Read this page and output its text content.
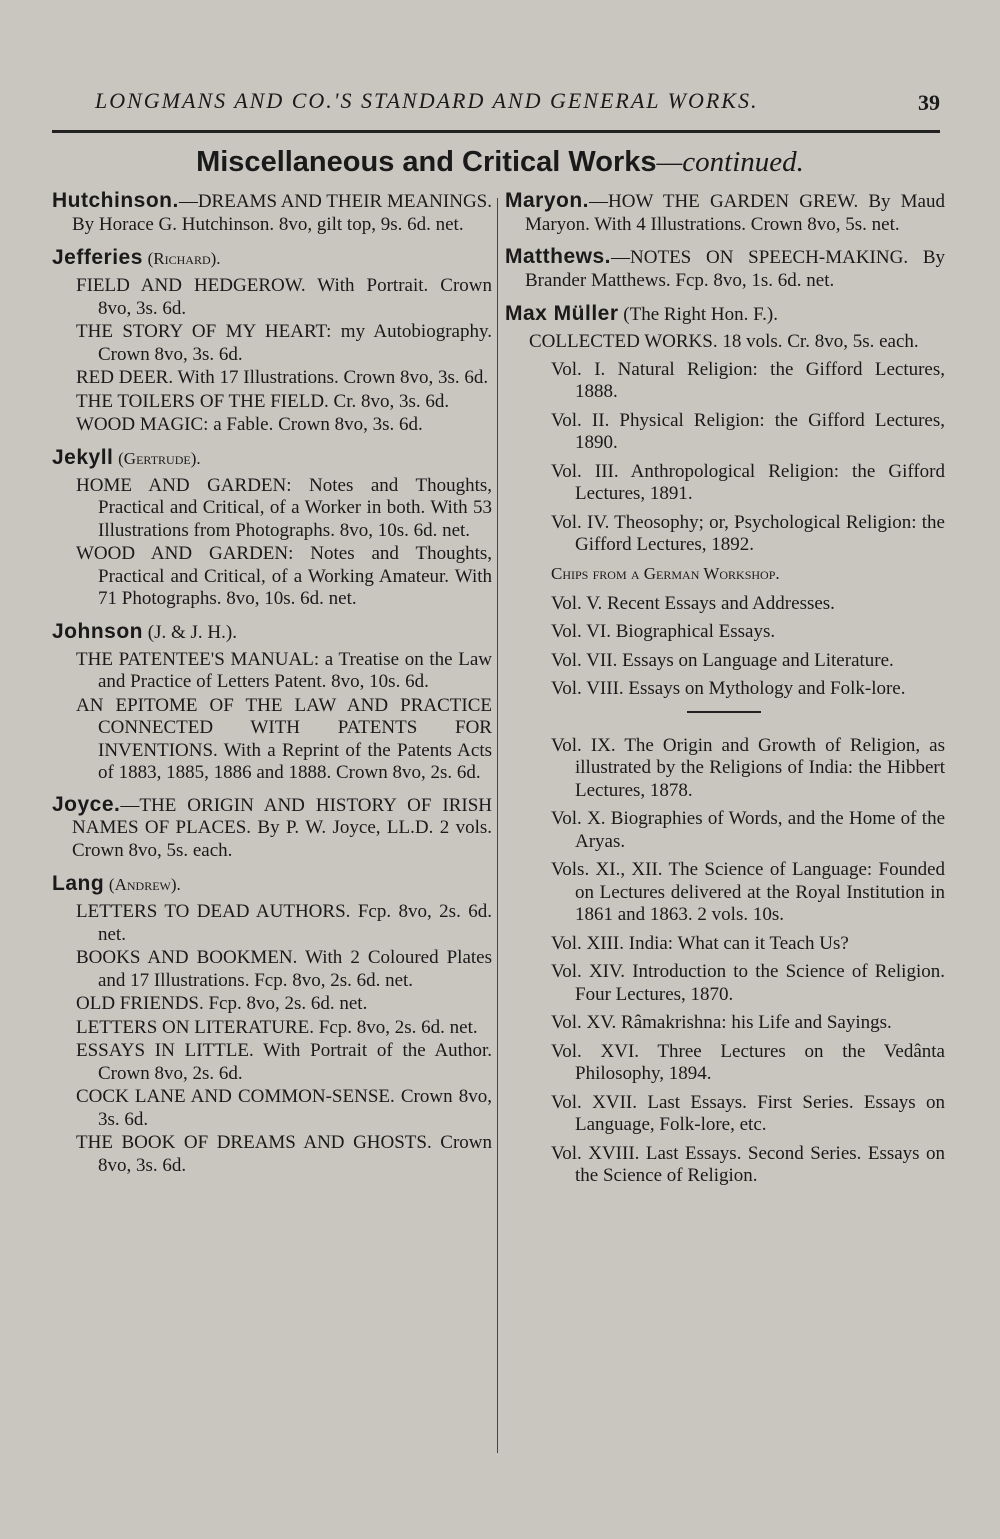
LONGMANS AND CO.'S STANDARD AND GENERAL WORKS.	39
Miscellaneous and Critical Works—continued.
Hutchinson.—DREAMS AND THEIR MEANINGS. By Horace G. Hutchinson. 8vo, gilt top, 9s. 6d. net.
Jefferies (Richard).
FIELD AND HEDGEROW. With Portrait. Crown 8vo, 3s. 6d.
THE STORY OF MY HEART: my Autobiography. Crown 8vo, 3s. 6d.
RED DEER. With 17 Illustrations. Crown 8vo, 3s. 6d.
THE TOILERS OF THE FIELD. Cr. 8vo, 3s. 6d.
WOOD MAGIC: a Fable. Crown 8vo, 3s. 6d.
Jekyll (Gertrude).
HOME AND GARDEN: Notes and Thoughts, Practical and Critical, of a Worker in both. With 53 Illustrations from Photographs. 8vo, 10s. 6d. net.
WOOD AND GARDEN: Notes and Thoughts, Practical and Critical, of a Working Amateur. With 71 Photographs. 8vo, 10s. 6d. net.
Johnson (J. & J. H.).
THE PATENTEE'S MANUAL: a Treatise on the Law and Practice of Letters Patent. 8vo, 10s. 6d.
AN EPITOME OF THE LAW AND PRACTICE CONNECTED WITH PATENTS FOR INVENTIONS. With a Reprint of the Patents Acts of 1883, 1885, 1886 and 1888. Crown 8vo, 2s. 6d.
Joyce.—THE ORIGIN AND HISTORY OF IRISH NAMES OF PLACES. By P. W. Joyce, LL.D. 2 vols. Crown 8vo, 5s. each.
Lang (Andrew).
LETTERS TO DEAD AUTHORS. Fcp. 8vo, 2s. 6d. net.
BOOKS AND BOOKMEN. With 2 Coloured Plates and 17 Illustrations. Fcp. 8vo, 2s. 6d. net.
OLD FRIENDS. Fcp. 8vo, 2s. 6d. net.
LETTERS ON LITERATURE. Fcp. 8vo, 2s. 6d. net.
ESSAYS IN LITTLE. With Portrait of the Author. Crown 8vo, 2s. 6d.
COCK LANE AND COMMON-SENSE. Crown 8vo, 3s. 6d.
THE BOOK OF DREAMS AND GHOSTS. Crown 8vo, 3s. 6d.
Maryon.—HOW THE GARDEN GREW. By Maud Maryon. With 4 Illustrations. Crown 8vo, 5s. net.
Matthews.—NOTES ON SPEECH-MAKING. By Brander Matthews. Fcp. 8vo, 1s. 6d. net.
Max Müller (The Right Hon. F.).
COLLECTED WORKS. 18 vols. Cr. 8vo, 5s. each.
Vol. I. Natural Religion: the Gifford Lectures, 1888.
Vol. II. Physical Religion: the Gifford Lectures, 1890.
Vol. III. Anthropological Religion: the Gifford Lectures, 1891.
Vol. IV. Theosophy; or, Psychological Religion: the Gifford Lectures, 1892.
Chips from a German Workshop.
Vol. V. Recent Essays and Addresses.
Vol. VI. Biographical Essays.
Vol. VII. Essays on Language and Literature.
Vol. VIII. Essays on Mythology and Folk-lore.
Vol. IX. The Origin and Growth of Religion, as illustrated by the Religions of India: the Hibbert Lectures, 1878.
Vol. X. Biographies of Words, and the Home of the Aryas.
Vols. XI., XII. The Science of Language: Founded on Lectures delivered at the Royal Institution in 1861 and 1863. 2 vols. 10s.
Vol. XIII. India: What can it Teach Us?
Vol. XIV. Introduction to the Science of Religion. Four Lectures, 1870.
Vol. XV. Râmakrishna: his Life and Sayings.
Vol. XVI. Three Lectures on the Vedânta Philosophy, 1894.
Vol. XVII. Last Essays. First Series. Essays on Language, Folk-lore, etc.
Vol. XVIII. Last Essays. Second Series. Essays on the Science of Religion.
